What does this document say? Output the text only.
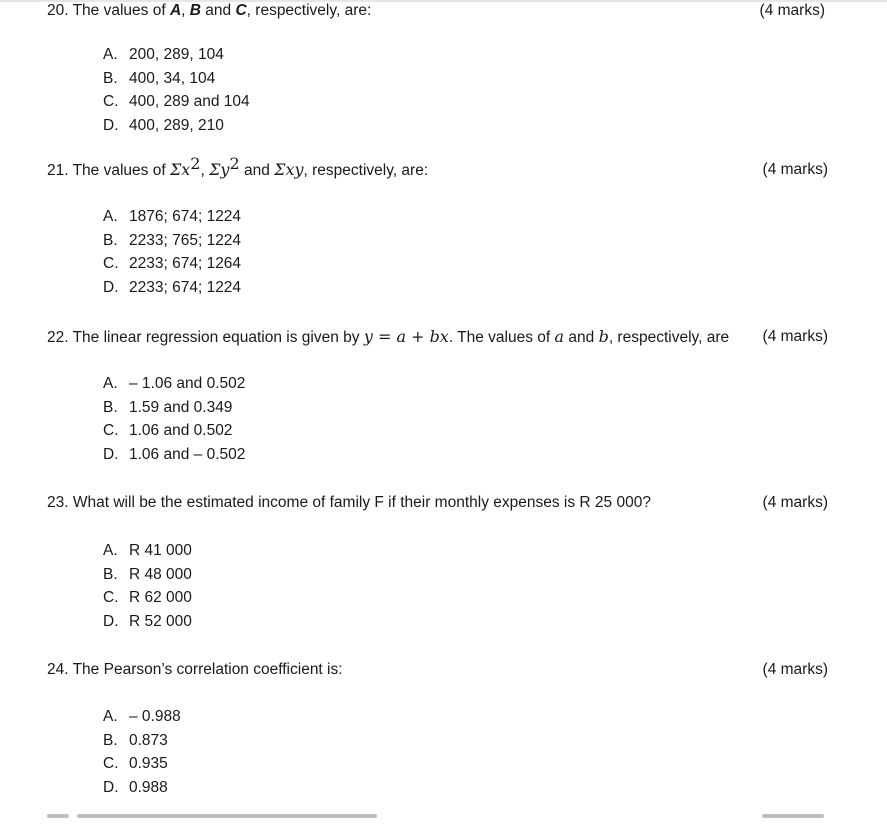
20. The values of A, B and C, respectively, are:	(4 marks)
A. 200, 289, 104
B. 400, 34, 104
C. 400, 289 and 104
D. 400, 289, 210
21. The values of $\Sigma x^2$, $\Sigma y^2$ and Σxy, respectively, are:	(4 marks)
A. 1876; 674; 1224
B. 2233; 765; 1224
C. 2233; 674; 1264
D. 2233; 674; 1224
22. The linear regression equation is given by y = a + bx. The values of a and b, respectively, are (4 marks)
A. – 1.06 and 0.502
B. 1.59 and 0.349
C. 1.06 and 0.502
D. 1.06 and – 0.502
23. What will be the estimated income of family F if their monthly expenses is R 25 000?	(4 marks)
A. R 41 000
B. R 48 000
C. R 62 000
D. R 52 000
24. The Pearson’s correlation coefficient is:	(4 marks)
A. – 0.988
B. 0.873
C. 0.935
D. 0.988
